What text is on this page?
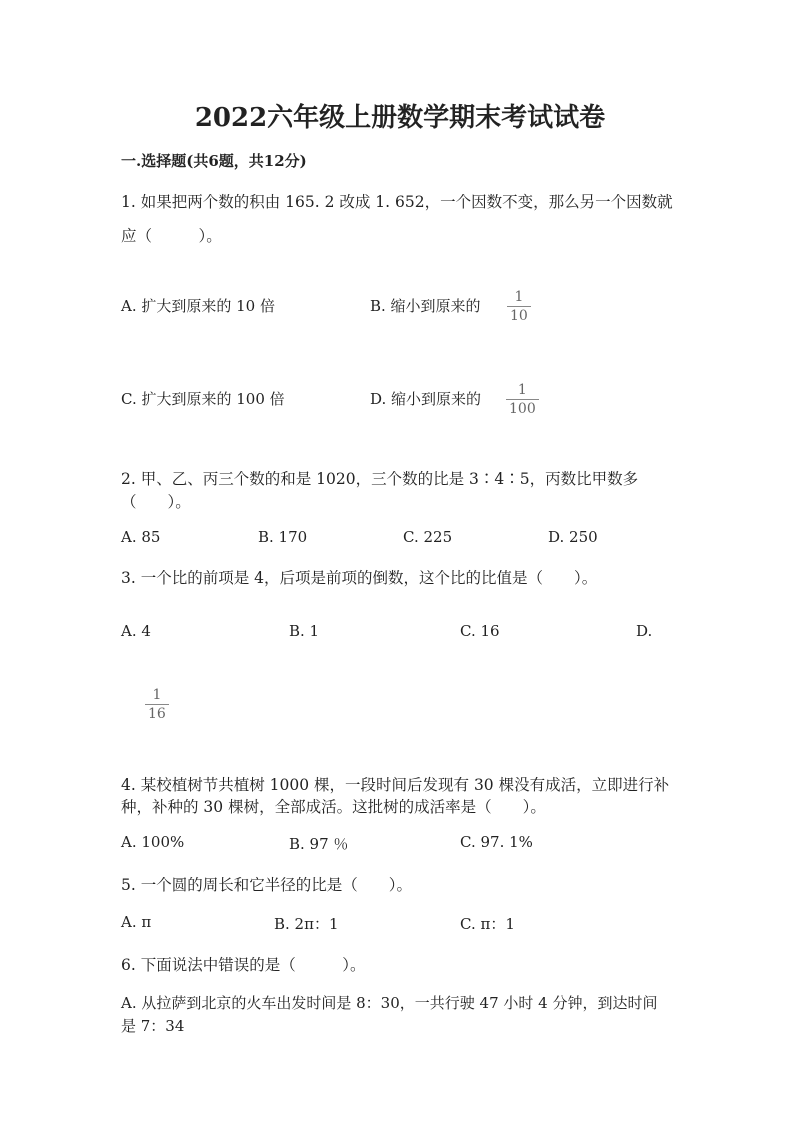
2022六年级上册数学期末考试试卷
一.选择题(共6题，共12分)
1. 如果把两个数的积由 165. 2 改成 1. 652，一个因数不变，那么另一个因数就
应（　　　）。
A. 扩大到原来的 10 倍	B. 缩小到原来的 1
10
C. 扩大到原来的 100 倍	D. 缩小到原来的	1
100
2. 甲、乙、丙三个数的和是 1020，三个数的比是 3∶4∶5，丙数比甲数多
（　　）。
A. 85	B. 170	C. 225	D. 250
3. 一个比的前项是 4，后项是前项的倒数，这个比的比值是（　　）。
A. 4	B. 1	C. 16	D.
1
16
4. 某校植树节共植树 1000 棵，一段时间后发现有 30 棵没有成活，立即进行补
种，补种的 30 棵树，全部成活。这批树的成活率是（　　）。
A. 100%	B. 97 ％	C. 97. 1%
5. 一个圆的周长和它半径的比是（　　）。
A. π	B. 2π：1	C. π：1
6. 下面说法中错误的是（　　　）。
A. 从拉萨到北京的火车出发时间是 8：30，一共行驶 47 小时 4 分钟，到达时间
是 7：34
